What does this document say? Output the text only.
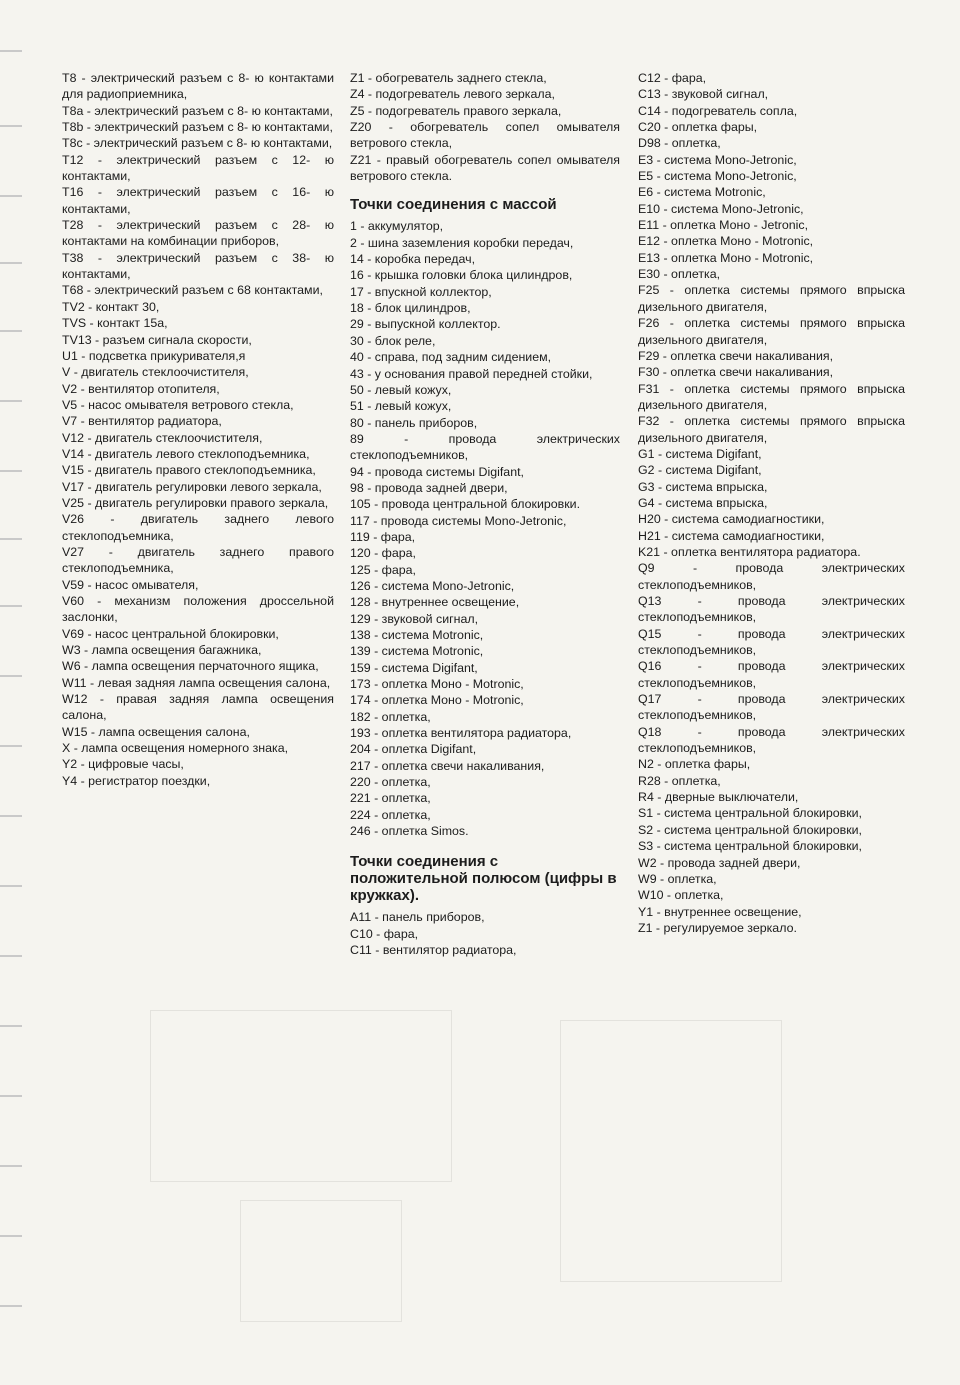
T8 - электрический разъем с 8- ю контактами для радиоприемника,
T8a - электрический разъем с 8- ю контактами,
T8b - электрический разъем с 8- ю контактами,
T8c - электрический разъем с 8- ю контактами,
T12 - электрический разъем с 12- ю контактами,
T16 - электрический разъем с 16- ю контактами,
T28 - электрический разъем с 28- ю контактами на комбинации приборов,
T38 - электрический разъем с 38- ю контактами,
T68 - электрический разъем с 68 контактами,
TV2 - контакт 30,
TVS - контакт 15a,
TV13 - разъем сигнала скорости,
U1 - подсветка прикуривателя,я
V - двигатель стеклоочистителя,
V2 - вентилятор отопителя,
V5 - насос омывателя ветрового стекла,
V7 - вентилятор радиатора,
V12 - двигатель стеклоочистителя,
V14 - двигатель левого стеклоподъемника,
V15 - двигатель правого стеклоподъемника,
V17 - двигатель регулировки левого зеркала,
V25 - двигатель регулировки правого зеркала,
V26 - двигатель заднего левого стеклоподъемника,
V27 - двигатель заднего правого стеклоподъемника,
V59 - насос омывателя,
V60 - механизм положения дроссельной заслонки,
V69 - насос центральной блокировки,
W3 - лампа освещения багажника,
W6 - лампа освещения перчаточного ящика,
W11 - левая задняя лампа освещения салона,
W12 - правая задняя лампа освещения салона,
W15 - лампа освещения салона,
X - лампа освещения номерного знака,
Y2 - цифровые часы,
Y4 - регистратор поездки,
Z1 - обогреватель заднего стекла,
Z4 - подогреватель левого зеркала,
Z5 - подогреватель правого зеркала,
Z20 - обогреватель сопел омывателя ветрового стекла,
Z21 - правый обогреватель сопел омывателя ветрового стекла.
Точки соединения с массой
1 - аккумулятор,
2 - шина заземления коробки передач,
14 - коробка передач,
16 - крышка головки блока цилиндров,
17 - впускной коллектор,
18 - блок цилиндров,
29 - выпускной коллектор.
30 - блок реле,
40 - справа, под задним сидением,
43 - у основания правой передней стойки,
50 - левый кожух,
51 - левый кожух,
80 - панель приборов,
89 - провода электрических стеклоподъемников,
94 - провода системы Digifant,
98 - провода задней двери,
105 - провода центральной блокировки.
117 - провода системы Mono-Jetronic,
119 - фара,
120 - фара,
125 - фара,
126 - система Mono-Jetronic,
128 - внутреннее освещение,
129 - звуковой сигнал,
138 - система Motronic,
139 - система Motronic,
159 - система Digifant,
173 - оплетка Моно - Motronic,
174 - оплетка Моно - Motronic,
182 - оплетка,
193 - оплетка вентилятора радиатора,
204 - оплетка Digifant,
217 - оплетка свечи накаливания,
220 - оплетка,
221 - оплетка,
224 - оплетка,
246 - оплетка Simos.
Точки соединения с положительной полюсом (цифры в кружках).
A11 - панель приборов,
C10 - фара,
C11 - вентилятор радиатора,
C12 - фара,
C13 - звуковой сигнал,
C14 - подогреватель сопла,
C20 - оплетка фары,
D98 - оплетка,
E3 - система Mono-Jetronic,
E5 - система Mono-Jetronic,
E6 - система Motronic,
E10 - система Mono-Jetronic,
E11 - оплетка Моно - Jetronic,
E12 - оплетка Моно - Motronic,
E13 - оплетка Моно - Motronic,
E30 - оплетка,
F25 - оплетка системы прямого впрыска дизельного двигателя,
F26 - оплетка системы прямого впрыска дизельного двигателя,
F29 - оплетка свечи накаливания,
F30 - оплетка свечи накаливания,
F31 - оплетка системы прямого впрыска дизельного двигателя,
F32 - оплетка системы прямого впрыска дизельного двигателя,
G1 - система Digifant,
G2 - система Digifant,
G3 - система впрыска,
G4 - система впрыска,
H20 - система самодиагностики,
H21 - система самодиагностики,
K21 - оплетка вентилятора радиатора.
Q9 - провода электрических стеклоподъемников,
Q13 - провода электрических стеклоподъемников,
Q15 - провода электрических стеклоподъемников,
Q16 - провода электрических стеклоподъемников,
Q17 - провода электрических стеклоподъемников,
Q18 - провода электрических стеклоподъемников,
N2 - оплетка фары,
R28 - оплетка,
R4 - дверные выключатели,
S1 - система центральной блокировки,
S2 - система центральной блокировки,
S3 - система центральной блокировки,
W2 - провода задней двери,
W9 - оплетка,
W10 - оплетка,
Y1 - внутреннее освещение,
Z1 - регулируемое зеркало.
